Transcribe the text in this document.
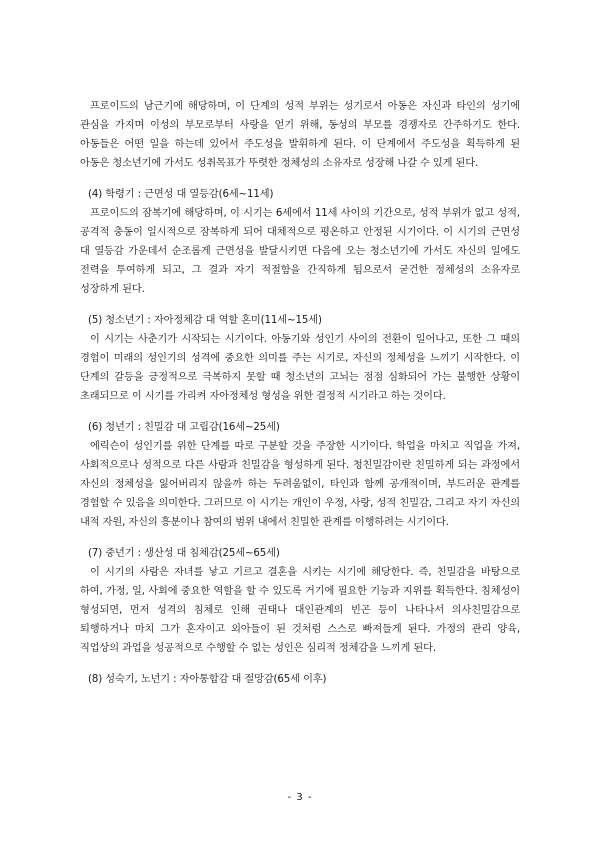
프로이드의 남근기에 해당하며, 이 단계의 성적 부위는 성기로서 아동은 자신과 타인의 성기에 관심을 가지며 이성의 부모로부터 사랑을 얻기 위해, 동성의 부모를 경쟁자로 간주하기도 한다. 아동들은 어떤 일을 하는데 있어서 주도성을 발휘하게 된다. 이 단계에서 주도성을 획득하게 된 아동은 청소년기에 가서도 성취목표가 뚜렷한 정체성의 소유자로 성장해 나갈 수 있게 된다.

(4) 학령기 : 근면성 대 열등감(6세~11세)

프로이드의 잠복기에 해당하며, 이 시기는 6세에서 11세 사이의 기간으로, 성적 부위가 없고 성적, 공격적 충동이 일시적으로 잠복하게 되어 대체적으로 평온하고 안정된 시기이다. 이 시기의 근면성 대 열등감 가운데서 순조롭게 근면성을 발달시키면 다음에 오는 청소년기에 가서도 자신의 일에도 전력을 투여하게 되고, 그 결과 자기 적절함을 간직하게 됨으로서 굳건한 정체성의 소유자로 성장하게 된다.

(5) 청소년기 : 자아정체감 대 역할 혼미(11세~15세)

이 시기는 사춘기가 시작되는 시기이다. 아동기와 성인기 사이의 전환이 일어나고, 또한 그 때의 경험이 미래의 성인기의 성격에 중요한 의미를 주는 시기로, 자신의 정체성을 느끼기 시작한다. 이 단계의 갈등을 긍정적으로 극복하지 못할 때 청소년의 고뇌는 점점 심화되어 가는 불행한 상황이 초래되므로 이 시기를 가리켜 자아정체성 형성을 위한 결정적 시기라고 하는 것이다.

(6) 청년기 : 친밀감 대 고립감(16세~25세)

에릭슨이 성인기를 위한 단계를 따로 구분할 것을 주장한 시기이다. 학업을 마치고 직업을 가져, 사회적으로나 성적으로 다른 사람과 친밀감을 형성하게 된다. 청친밀감이란 친밀하게 되는 과정에서 자신의 정체성을 잃어버리지 않을까 하는 두려움없이, 타인과 함께 공개적이며, 부드러운 관계를 경험할 수 있음을 의미한다. 그러므로 이 시기는 개인이 우정, 사랑, 성적 친밀감, 그리고 자기 자신의 내적 자원, 자신의 흥분이나 참여의 범위 내에서 친밀한 관계를 이행하려는 시기이다.

(7) 중년기 : 생산성 대 침체감(25세~65세)

이 시기의 사람은 자녀를 낳고 기르고 결혼을 시키는 시기에 해당한다. 즉, 친밀감을 바탕으로 하여, 가정, 일, 사회에 중요한 역할을 할 수 있도록 거기에 필요한 기능과 지위를 획득한다. 침체성이 형성되면, 먼저 성격의 침체로 인해 권태나 대인관계의 빈곤 등이 나타나서 의사친밀감으로 퇴행하거나 마치 그가 혼자이고 외아들이 된 것처럼 스스로 빠져들게 된다. 가정의 관리 양육, 직업상의 과업을 성공적으로 수행할 수 없는 성인은 심리적 정체감을 느끼게 된다.

(8) 성숙기, 노년기 : 자아통합감 대 절망감(65세 이후)

- 3 -
